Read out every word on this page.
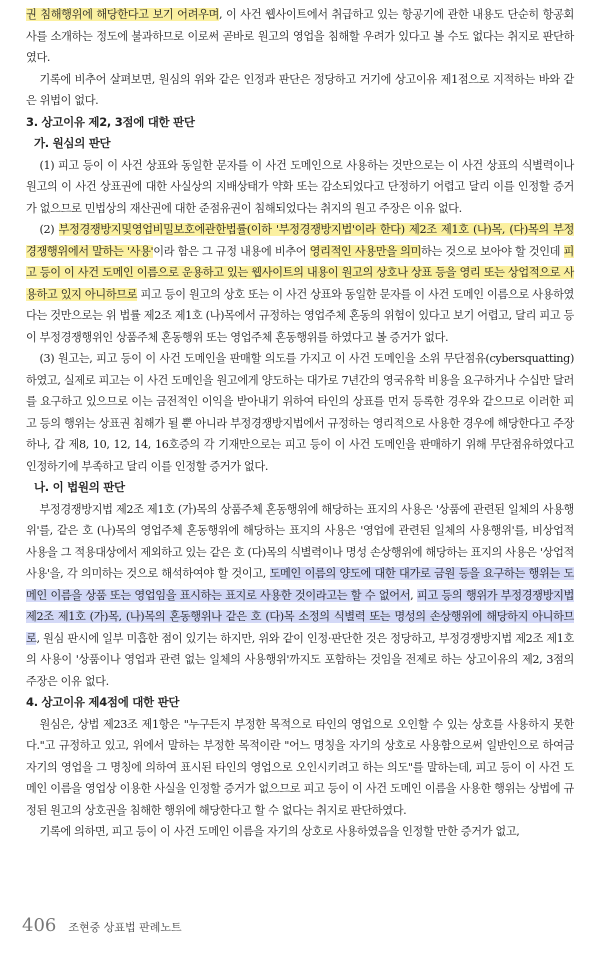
권 침해행위에 해당한다고 보기 어려우며, 이 사건 웹사이트에서 취급하고 있는 항공기에 관한 내용도 단순히 항공회사를 소개하는 정도에 불과하므로 이로써 곧바로 원고의 영업을 침해할 우려가 있다고 볼 수도 없다는 취지로 판단하였다.

기록에 비추어 살펴보면, 원심의 위와 같은 인정과 판단은 정당하고 거기에 상고이유 제1점으로 지적하는 바와 같은 위법이 없다.

3. 상고이유 제2, 3점에 대한 판단

가. 원심의 판단

(1) 피고 등이 이 사건 상표와 동일한 문자를 이 사건 도메인으로 사용하는 것만으로는 이 사건 상표의 식별력이나 원고의 이 사건 상표권에 대한 사실상의 지배상태가 약화 또는 감소되었다고 단정하기 어렵고 달리 이를 인정할 증거가 없으므로 민법상의 재산권에 대한 준점유권이 침해되었다는 취지의 원고 주장은 이유 없다.

(2) 부정경쟁방지및영업비밀보호에관한법률(이하 '부정경쟁방지법'이라 한다) 제2조 제1호 (나)목, (다)목의 부정경쟁행위에서 말하는 '사용'이라 함은 그 규정 내용에 비추어 영리적인 사용만을 의미하는 것으로 보아야 할 것인데 피고 등이 이 사건 도메인 이름으로 운용하고 있는 웹사이트의 내용이 원고의 상호나 상표 등을 영리 또는 상업적으로 사용하고 있지 아니하므로 피고 등이 원고의 상호 또는 이 사건 상표와 동일한 문자를 이 사건 도메인 이름으로 사용하였다는 것만으로는 위 법률 제2조 제1호 (나)목에서 규정하는 영업주체 혼동의 위험이 있다고 보기 어렵고, 달리 피고 등이 부정경쟁행위인 상품주체 혼동행위 또는 영업주체 혼동행위를 하였다고 볼 증거가 없다.

(3) 원고는, 피고 등이 이 사건 도메인을 판매할 의도를 가지고 이 사건 도메인을 소위 무단점유(cybersquatting)하였고, 실제로 피고는 이 사건 도메인을 원고에게 양도하는 대가로 7년간의 영국유학 비용을 요구하거나 수십만 달러를 요구하고 있으므로 이는 금전적인 이익을 받아내기 위하여 타인의 상표를 먼저 등록한 경우와 같으므로 이러한 피고 등의 행위는 상표권 침해가 될 뿐 아니라 부정경쟁방지법에서 규정하는 영리적으로 사용한 경우에 해당한다고 주장하나, 갑 제8, 10, 12, 14, 16호증의 각 기재만으로는 피고 등이 이 사건 도메인을 판매하기 위해 무단점유하였다고 인정하기에 부족하고 달리 이를 인정할 증거가 없다.

나. 이 법원의 판단

부정경쟁방지법 제2조 제1호 (가)목의 상품주체 혼동행위에 해당하는 표지의 사용은 '상품에 관련된 일체의 사용행위'를, 같은 호 (나)목의 영업주체 혼동행위에 해당하는 표지의 사용은 '영업에 관련된 일체의 사용행위'를, 비상업적 사용을 그 적용대상에서 제외하고 있는 같은 호 (다)목의 식별력이나 명성 손상행위에 해당하는 표지의 사용은 '상업적 사용'을, 각 의미하는 것으로 해석하여야 할 것이고, 도메인 이름의 양도에 대한 대가로 금원 등을 요구하는 행위는 도메인 이름을 상품 또는 영업임을 표시하는 표지로 사용한 것이라고는 할 수 없어서, 피고 등의 행위가 부정경쟁방지법 제2조 제1호 (가)목, (나)목의 혼동행위나 같은 호 (다)목 소정의 식별력 또는 명성의 손상행위에 해당하지 아니하므로, 원심 판시에 일부 미흡한 점이 있기는 하지만, 위와 같이 인정·판단한 것은 정당하고, 부정경쟁방지법 제2조 제1호의 사용이 '상품이나 영업과 관련 없는 일체의 사용행위'까지도 포함하는 것임을 전제로 하는 상고이유의 제2, 3점의 주장은 이유 없다.

4. 상고이유 제4점에 대한 판단

원심은, 상법 제23조 제1항은 "누구든지 부정한 목적으로 타인의 영업으로 오인할 수 있는 상호를 사용하지 못한다."고 규정하고 있고, 위에서 말하는 부정한 목적이란 "어느 명칭을 자기의 상호로 사용함으로써 일반인으로 하여금 자기의 영업을 그 명칭에 의하여 표시된 타인의 영업으로 오인시키려고 하는 의도"를 말하는데, 피고 등이 이 사건 도메인 이름을 영업상 이용한 사실을 인정할 증거가 없으므로 피고 등이 이 사건 도메인 이름을 사용한 행위는 상법에 규정된 원고의 상호권을 침해한 행위에 해당한다고 할 수 없다는 취지로 판단하였다.

기록에 의하면, 피고 등이 이 사건 도메인 이름을 자기의 상호로 사용하였음을 인정할 만한 증거가 없고,

406 조현중 상표법 판례노트
